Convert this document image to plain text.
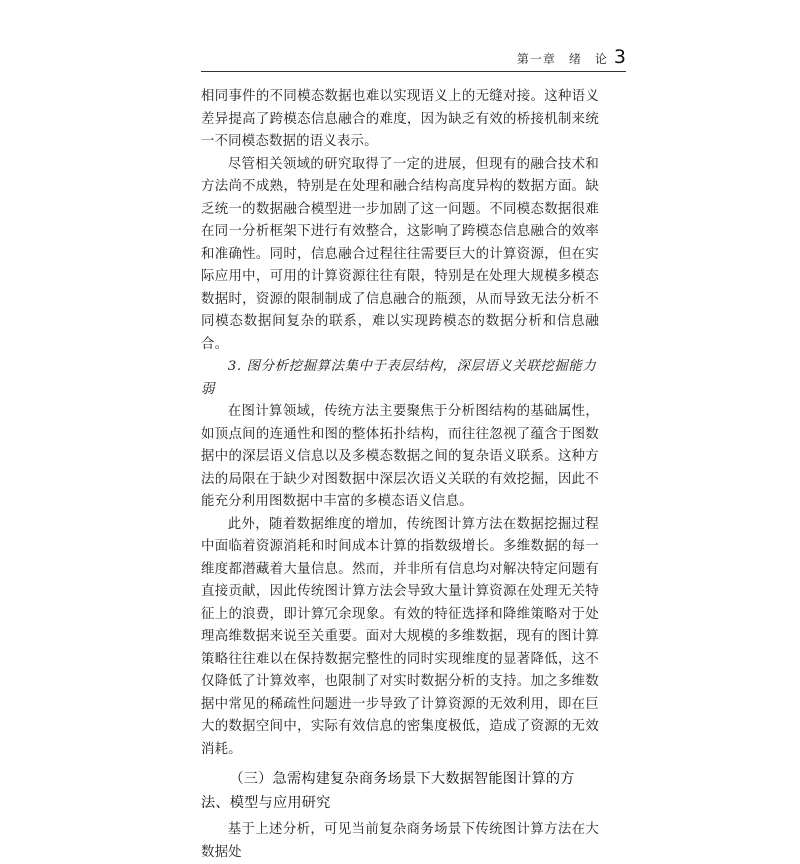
第一章　绪　论 3

相同事件的不同模态数据也难以实现语义上的无缝对接。这种语义差异提高了跨模态信息融合的难度，因为缺乏有效的桥接机制来统一不同模态数据的语义表示。

尽管相关领域的研究取得了一定的进展，但现有的融合技术和方法尚不成熟，特别是在处理和融合结构高度异构的数据方面。缺乏统一的数据融合模型进一步加剧了这一问题。不同模态数据很难在同一分析框架下进行有效整合，这影响了跨模态信息融合的效率和准确性。同时，信息融合过程往往需要巨大的计算资源，但在实际应用中，可用的计算资源往往有限，特别是在处理大规模多模态数据时，资源的限制制成了信息融合的瓶颈，从而导致无法分析不同模态数据间复杂的联系，难以实现跨模态的数据分析和信息融合。

3. 图分析挖掘算法集中于表层结构，深层语义关联挖掘能力弱

在图计算领域，传统方法主要聚焦于分析图结构的基础属性，如顶点间的连通性和图的整体拓扑结构，而往往忽视了蕴含于图数据中的深层语义信息以及多模态数据之间的复杂语义联系。这种方法的局限在于缺少对图数据中深层次语义关联的有效挖掘，因此不能充分利用图数据中丰富的多模态语义信息。

此外，随着数据维度的增加，传统图计算方法在数据挖掘过程中面临着资源消耗和时间成本计算的指数级增长。多维数据的每一维度都潜藏着大量信息。然而，并非所有信息均对解决特定问题有直接贡献，因此传统图计算方法会导致大量计算资源在处理无关特征上的浪费，即计算冗余现象。有效的特征选择和降维策略对于处理高维数据来说至关重要。面对大规模的多维数据，现有的图计算策略往往难以在保持数据完整性的同时实现维度的显著降低，这不仅降低了计算效率，也限制了对实时数据分析的支持。加之多维数据中常见的稀疏性问题进一步导致了计算资源的无效利用，即在巨大的数据空间中，实际有效信息的密集度极低，造成了资源的无效消耗。

（三）急需构建复杂商务场景下大数据智能图计算的方法、模型与应用研究

基于上述分析，可见当前复杂商务场景下传统图计算方法在大数据处
